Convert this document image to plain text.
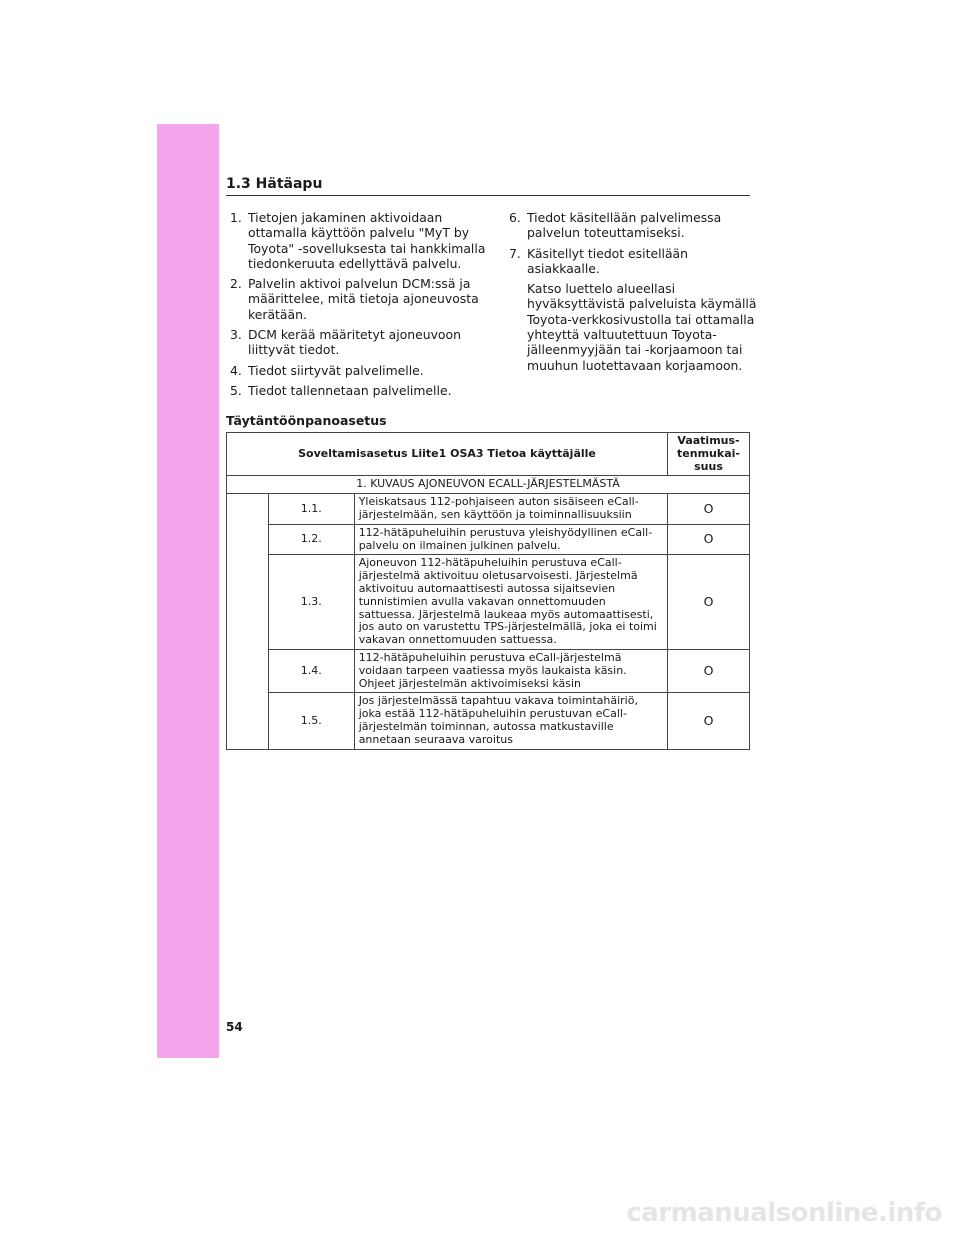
1.3 Hätäapu
1. Tietojen jakaminen aktivoidaan ottamalla käyttöön palvelu "MyT by Toyota" -sovelluksesta tai hankkimalla tiedonkeruuta edellyttävä palvelu.
2. Palvelin aktivoi palvelun DCM:ssä ja määrittelee, mitä tietoja ajoneuvosta kerätään.
3. DCM kerää määritetyt ajoneuvoon liittyvät tiedot.
4. Tiedot siirtyvät palvelimelle.
5. Tiedot tallennetaan palvelimelle.
6. Tiedot käsitellään palvelimessa palvelun toteuttamiseksi.
7. Käsitellyt tiedot esitellään asiakkaalle.
Katso luettelo alueellasi hyväksyttävistä palveluista käymällä Toyota-verkkosivustolla tai ottamalla yhteyttä valtuutettuun Toyota-jälleenmyyjään tai -korjaamoon tai muuhun luotettavaan korjaamoon.
Täytäntöönpanoasetus
Soveltamisasetus Liite1 OSA3 Tietoa käyttäjälle			Vaatimus-tenmukai-suus
1. KUVAUS AJONEUVON ECALL-JÄRJESTELMÄSTÄ			
	1.1.	Yleiskatsaus 112-pohjaiseen auton sisäiseen eCall-järjestelmään, sen käyttöön ja toiminnallisuuksiin	O
	1.2.	112-hätäpuheluihin perustuva yleishyödyllinen eCall-palvelu on ilmainen julkinen palvelu.	O
	1.3.	Ajoneuvon 112-hätäpuheluihin perustuva eCall-järjestelmä aktivoituu oletusarvoisesti. Järjestelmä aktivoituu automaattisesti autossa sijaitsevien tunnistimien avulla vakavan onnettomuuden sattuessa. Järjestelmä laukeaa myös automaattisesti, jos auto on varustettu TPS-järjestelmällä, joka ei toimi vakavan onnettomuuden sattuessa.	O
	1.4.	112-hätäpuheluihin perustuva eCall-järjestelmä voidaan tarpeen vaatiessa myös laukaista käsin. Ohjeet järjestelmän aktivoimiseksi käsin	O
	1.5.	Jos järjestelmässä tapahtuu vakava toimintahäiriö, joka estää 112-hätäpuheluihin perustuvan eCall-järjestelmän toiminnan, autossa matkustaville annetaan seuraava varoitus	O
54
carmanualsonline.info
